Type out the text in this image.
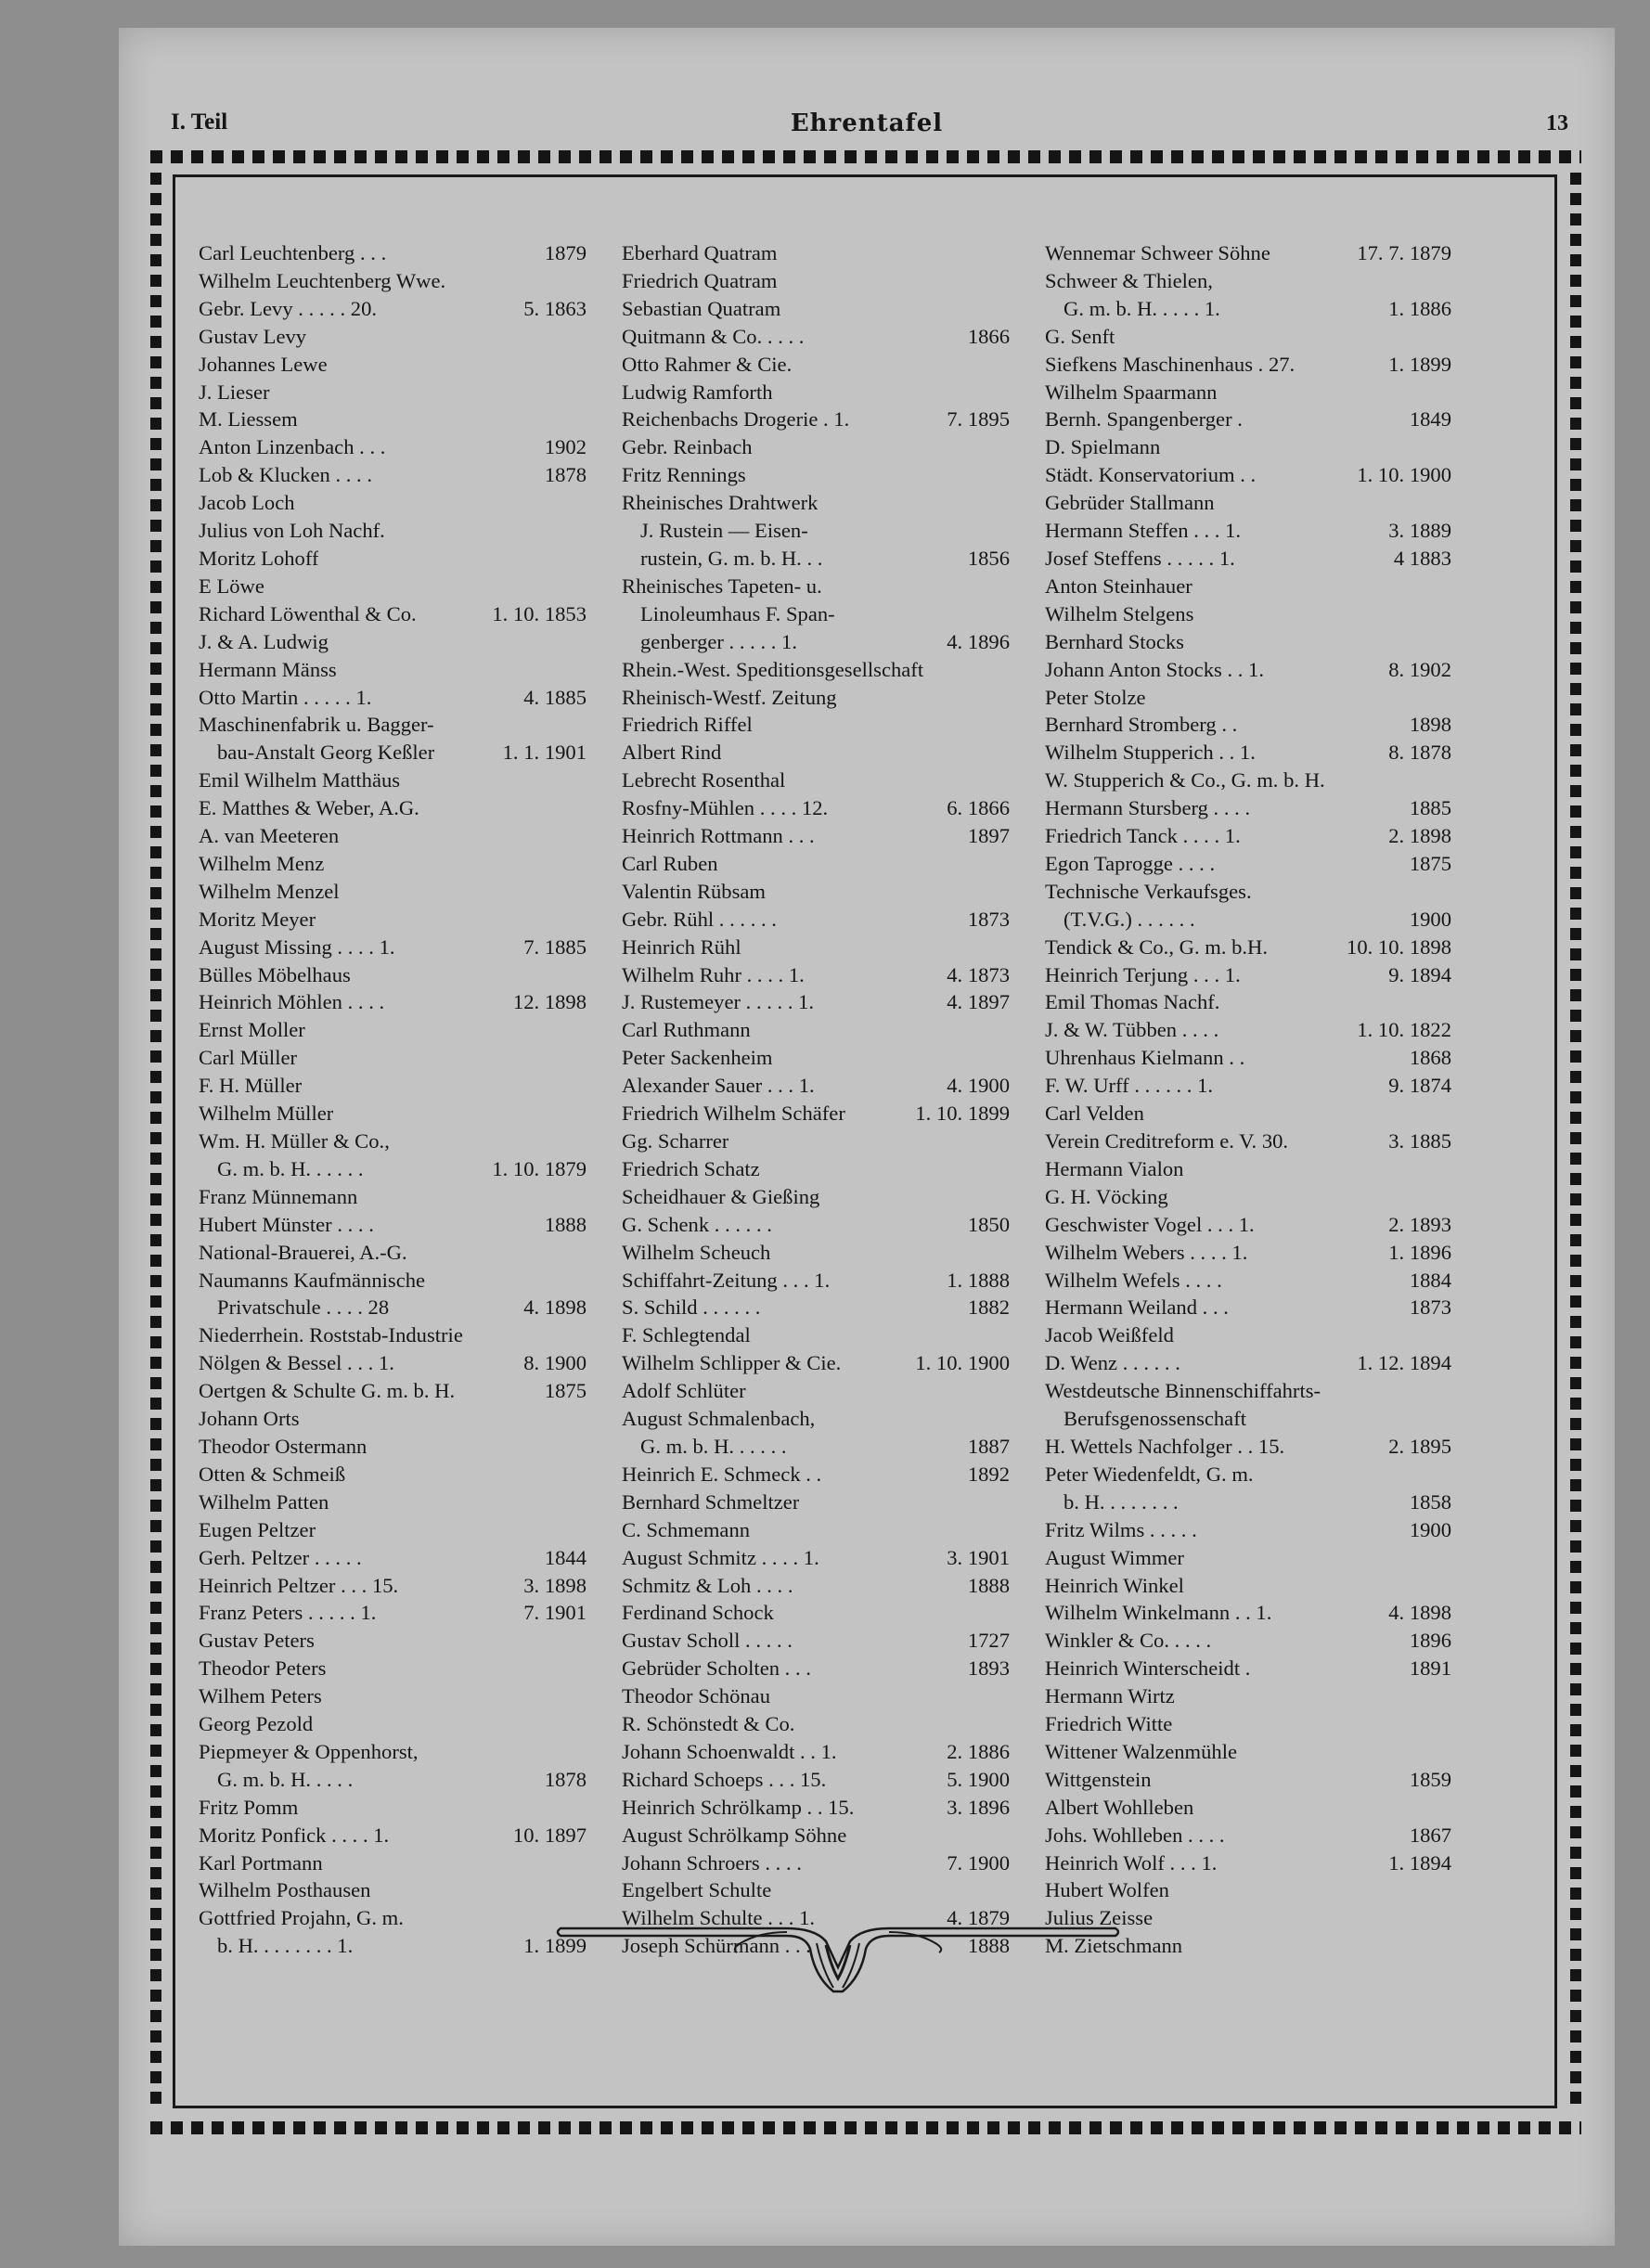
I. Teil	Ehrentafel	13
Carl Leuchtenberg . . .	1879
Wilhelm Leuchtenberg Wwe.
Gebr. Levy . . . . . 20.	5. 1863
Gustav Levy
Johannes Lewe
J. Lieser
M. Liessem
Anton Linzenbach . . .	1902
Lob & Klucken . . . .	1878
Jacob Loch
Julius von Loh Nachf.
Moritz Lohoff
E Löwe
Richard Löwenthal & Co.	1. 10. 1853
J. & A. Ludwig
Hermann Mänss
Otto Martin . . . . . 1.	4. 1885
Maschinenfabrik u. Bagger-
bau-Anstalt Georg Keßler	1. 1. 1901
Emil Wilhelm Matthäus
E. Matthes & Weber, A.G.
A. van Meeteren
Wilhelm Menz
Wilhelm Menzel
Moritz Meyer
August Missing . . . . 1.	7. 1885
Bülles Möbelhaus
Heinrich Möhlen . . . .	12. 1898
Ernst Moller
Carl Müller
F. H. Müller
Wilhelm Müller
Wm. H. Müller & Co.,
G. m. b. H. . . . . .	1. 10. 1879
Franz Münnemann
Hubert Münster . . . .	1888
National-Brauerei, A.-G.
Naumanns Kaufmännische
Privatschule . . . . 28	4. 1898
Niederrhein. Roststab-Industrie
Nölgen & Bessel . . . 1.	8. 1900
Oertgen & Schulte G. m. b. H.	1875
Johann Orts
Theodor Ostermann
Otten & Schmeiß
Wilhelm Patten
Eugen Peltzer
Gerh. Peltzer . . . . .	1844
Heinrich Peltzer . . . 15.	3. 1898
Franz Peters . . . . . 1.	7. 1901
Gustav Peters
Theodor Peters
Wilhem Peters
Georg Pezold
Piepmeyer & Oppenhorst,
G. m. b. H. . . . .	1878
Fritz Pomm
Moritz Ponfick . . . . 1.	10. 1897
Karl Portmann
Wilhelm Posthausen
Gottfried Projahn, G. m.
b. H. . . . . . . . 1.	1. 1899
Eberhard Quatram
Friedrich Quatram
Sebastian Quatram
Quitmann & Co. . . . .	1866
Otto Rahmer & Cie.
Ludwig Ramforth
Reichenbachs Drogerie . 1.	7. 1895
Gebr. Reinbach
Fritz Rennings
Rheinisches Drahtwerk
J. Rustein — Eisen-
rustein, G. m. b. H. . .	1856
Rheinisches Tapeten- u.
Linoleumhaus F. Span-
genberger . . . . . 1.	4. 1896
Rhein.-West. Speditionsgesellschaft
Rheinisch-Westf. Zeitung
Friedrich Riffel
Albert Rind
Lebrecht Rosenthal
Rosfny-Mühlen . . . . 12.	6. 1866
Heinrich Rottmann . . .	1897
Carl Ruben
Valentin Rübsam
Gebr. Rühl . . . . . .	1873
Heinrich Rühl
Wilhelm Ruhr . . . . 1.	4. 1873
J. Rustemeyer . . . . . 1.	4. 1897
Carl Ruthmann
Peter Sackenheim
Alexander Sauer . . . 1.	4. 1900
Friedrich Wilhelm Schäfer	1. 10. 1899
Gg. Scharrer
Friedrich Schatz
Scheidhauer & Gießing
G. Schenk . . . . . .	1850
Wilhelm Scheuch
Schiffahrt-Zeitung . . . 1.	1. 1888
S. Schild . . . . . .	1882
F. Schlegtendal
Wilhelm Schlipper & Cie.	1. 10. 1900
Adolf Schlüter
August Schmalenbach,
G. m. b. H. . . . . .	1887
Heinrich E. Schmeck . .	1892
Bernhard Schmeltzer
C. Schmemann
August Schmitz . . . . 1.	3. 1901
Schmitz & Loh . . . .	1888
Ferdinand Schock
Gustav Scholl . . . . .	1727
Gebrüder Scholten . . .	1893
Theodor Schönau
R. Schönstedt & Co.
Johann Schoenwaldt . . 1.	2. 1886
Richard Schoeps . . . 15.	5. 1900
Heinrich Schrölkamp . . 15.	3. 1896
August Schrölkamp Söhne
Johann Schroers . . . .	7. 1900
Engelbert Schulte
Wilhelm Schulte . . . 1.	4. 1879
Joseph Schürmann . . .	1888
Wennemar Schweer Söhne	17. 7. 1879
Schweer & Thielen,
G. m. b. H. . . . . 1.	1. 1886
G. Senft
Siefkens Maschinenhaus . 27.	1. 1899
Wilhelm Spaarmann
Bernh. Spangenberger .	1849
D. Spielmann
Städt. Konservatorium . .	1. 10. 1900
Gebrüder Stallmann
Hermann Steffen . . . 1.	3. 1889
Josef Steffens . . . . . 1.	4 1883
Anton Steinhauer
Wilhelm Stelgens
Bernhard Stocks
Johann Anton Stocks . . 1.	8. 1902
Peter Stolze
Bernhard Stromberg . .	1898
Wilhelm Stupperich . . 1.	8. 1878
W. Stupperich & Co., G. m. b. H.
Hermann Stursberg . . . .	1885
Friedrich Tanck . . . . 1.	2. 1898
Egon Taprogge . . . .	1875
Technische Verkaufsges.
(T.V.G.) . . . . . .	1900
Tendick & Co., G. m. b.H.	10. 10. 1898
Heinrich Terjung . . . 1.	9. 1894
Emil Thomas Nachf.
J. & W. Tübben . . . .	1. 10. 1822
Uhrenhaus Kielmann . .	1868
F. W. Urff . . . . . . 1.	9. 1874
Carl Velden
Verein Creditreform e. V. 30.	3. 1885
Hermann Vialon
G. H. Vöcking
Geschwister Vogel . . . 1.	2. 1893
Wilhelm Webers . . . . 1.	1. 1896
Wilhelm Wefels . . . .	1884
Hermann Weiland . . .	1873
Jacob Weißfeld
D. Wenz . . . . . .	1. 12. 1894
Westdeutsche Binnenschiffahrts-
Berufsgenossenschaft
H. Wettels Nachfolger . . 15.	2. 1895
Peter Wiedenfeldt, G. m.
b. H. . . . . . . .	1858
Fritz Wilms . . . . .	1900
August Wimmer
Heinrich Winkel
Wilhelm Winkelmann . . 1.	4. 1898
Winkler & Co. . . . .	1896
Heinrich Winterscheidt .	1891
Hermann Wirtz
Friedrich Witte
Wittener Walzenmühle
Wittgenstein	1859
Albert Wohlleben
Johs. Wohlleben . . . .	1867
Heinrich Wolf . . . 1.	1. 1894
Hubert Wolfen
Julius Zeisse
M. Zietschmann
